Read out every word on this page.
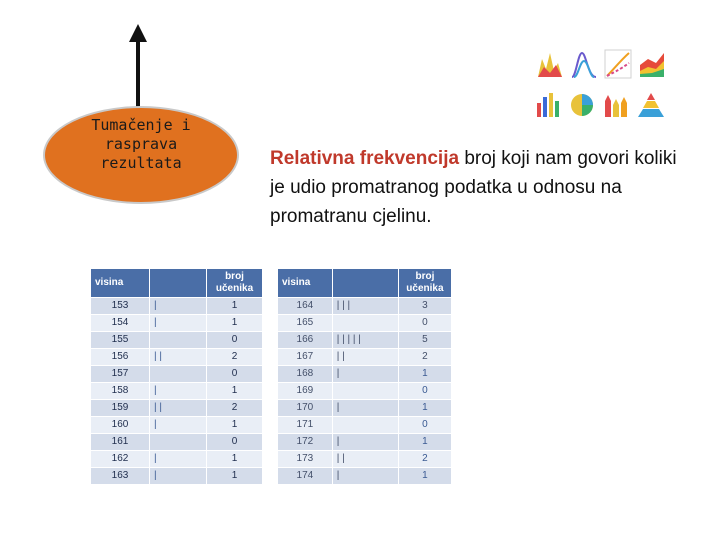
Tumačenje i
rasprava
rezultata	Relativna frekvencija broj koji nam govori koliki je udio promatranog podatka u odnosu na promatranu cjelinu.
visina		broj
učenika
153	|	1
154	|	1
155		0
156	| |	2
157		0
158	|	1
159	| |	2
160	|	1
161		0
162	|	1
163	|	1
visina		broj
učenika
164	| | |	3
165		0
166	| | | | |	5
167	| |	2
168	|	1
169		0
170	|	1
171		0
172	|	1
173	| |	2
174	|	1
